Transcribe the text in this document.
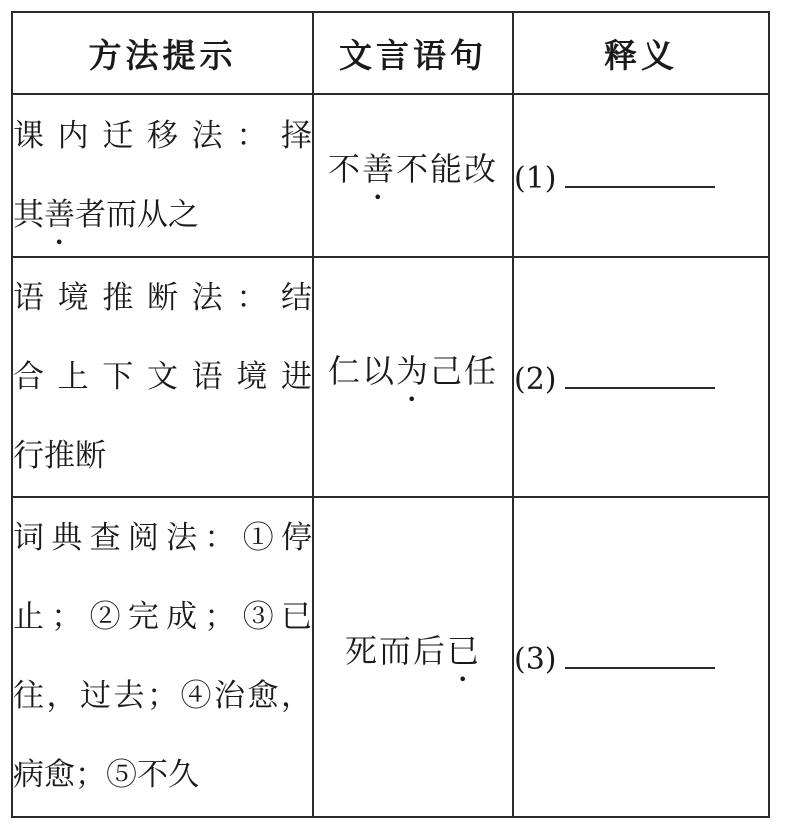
方法提示	文言语句	释义

课内迁移法：择
其善者而从之	不善不能改	(1)

语境推断法：结
合上下文语境进
行推断	仁以为己任	(2)

词典查阅法：①停
止；②完成；③已
往，过去；④治愈，
病愈；⑤不久	死而后已	(3)
